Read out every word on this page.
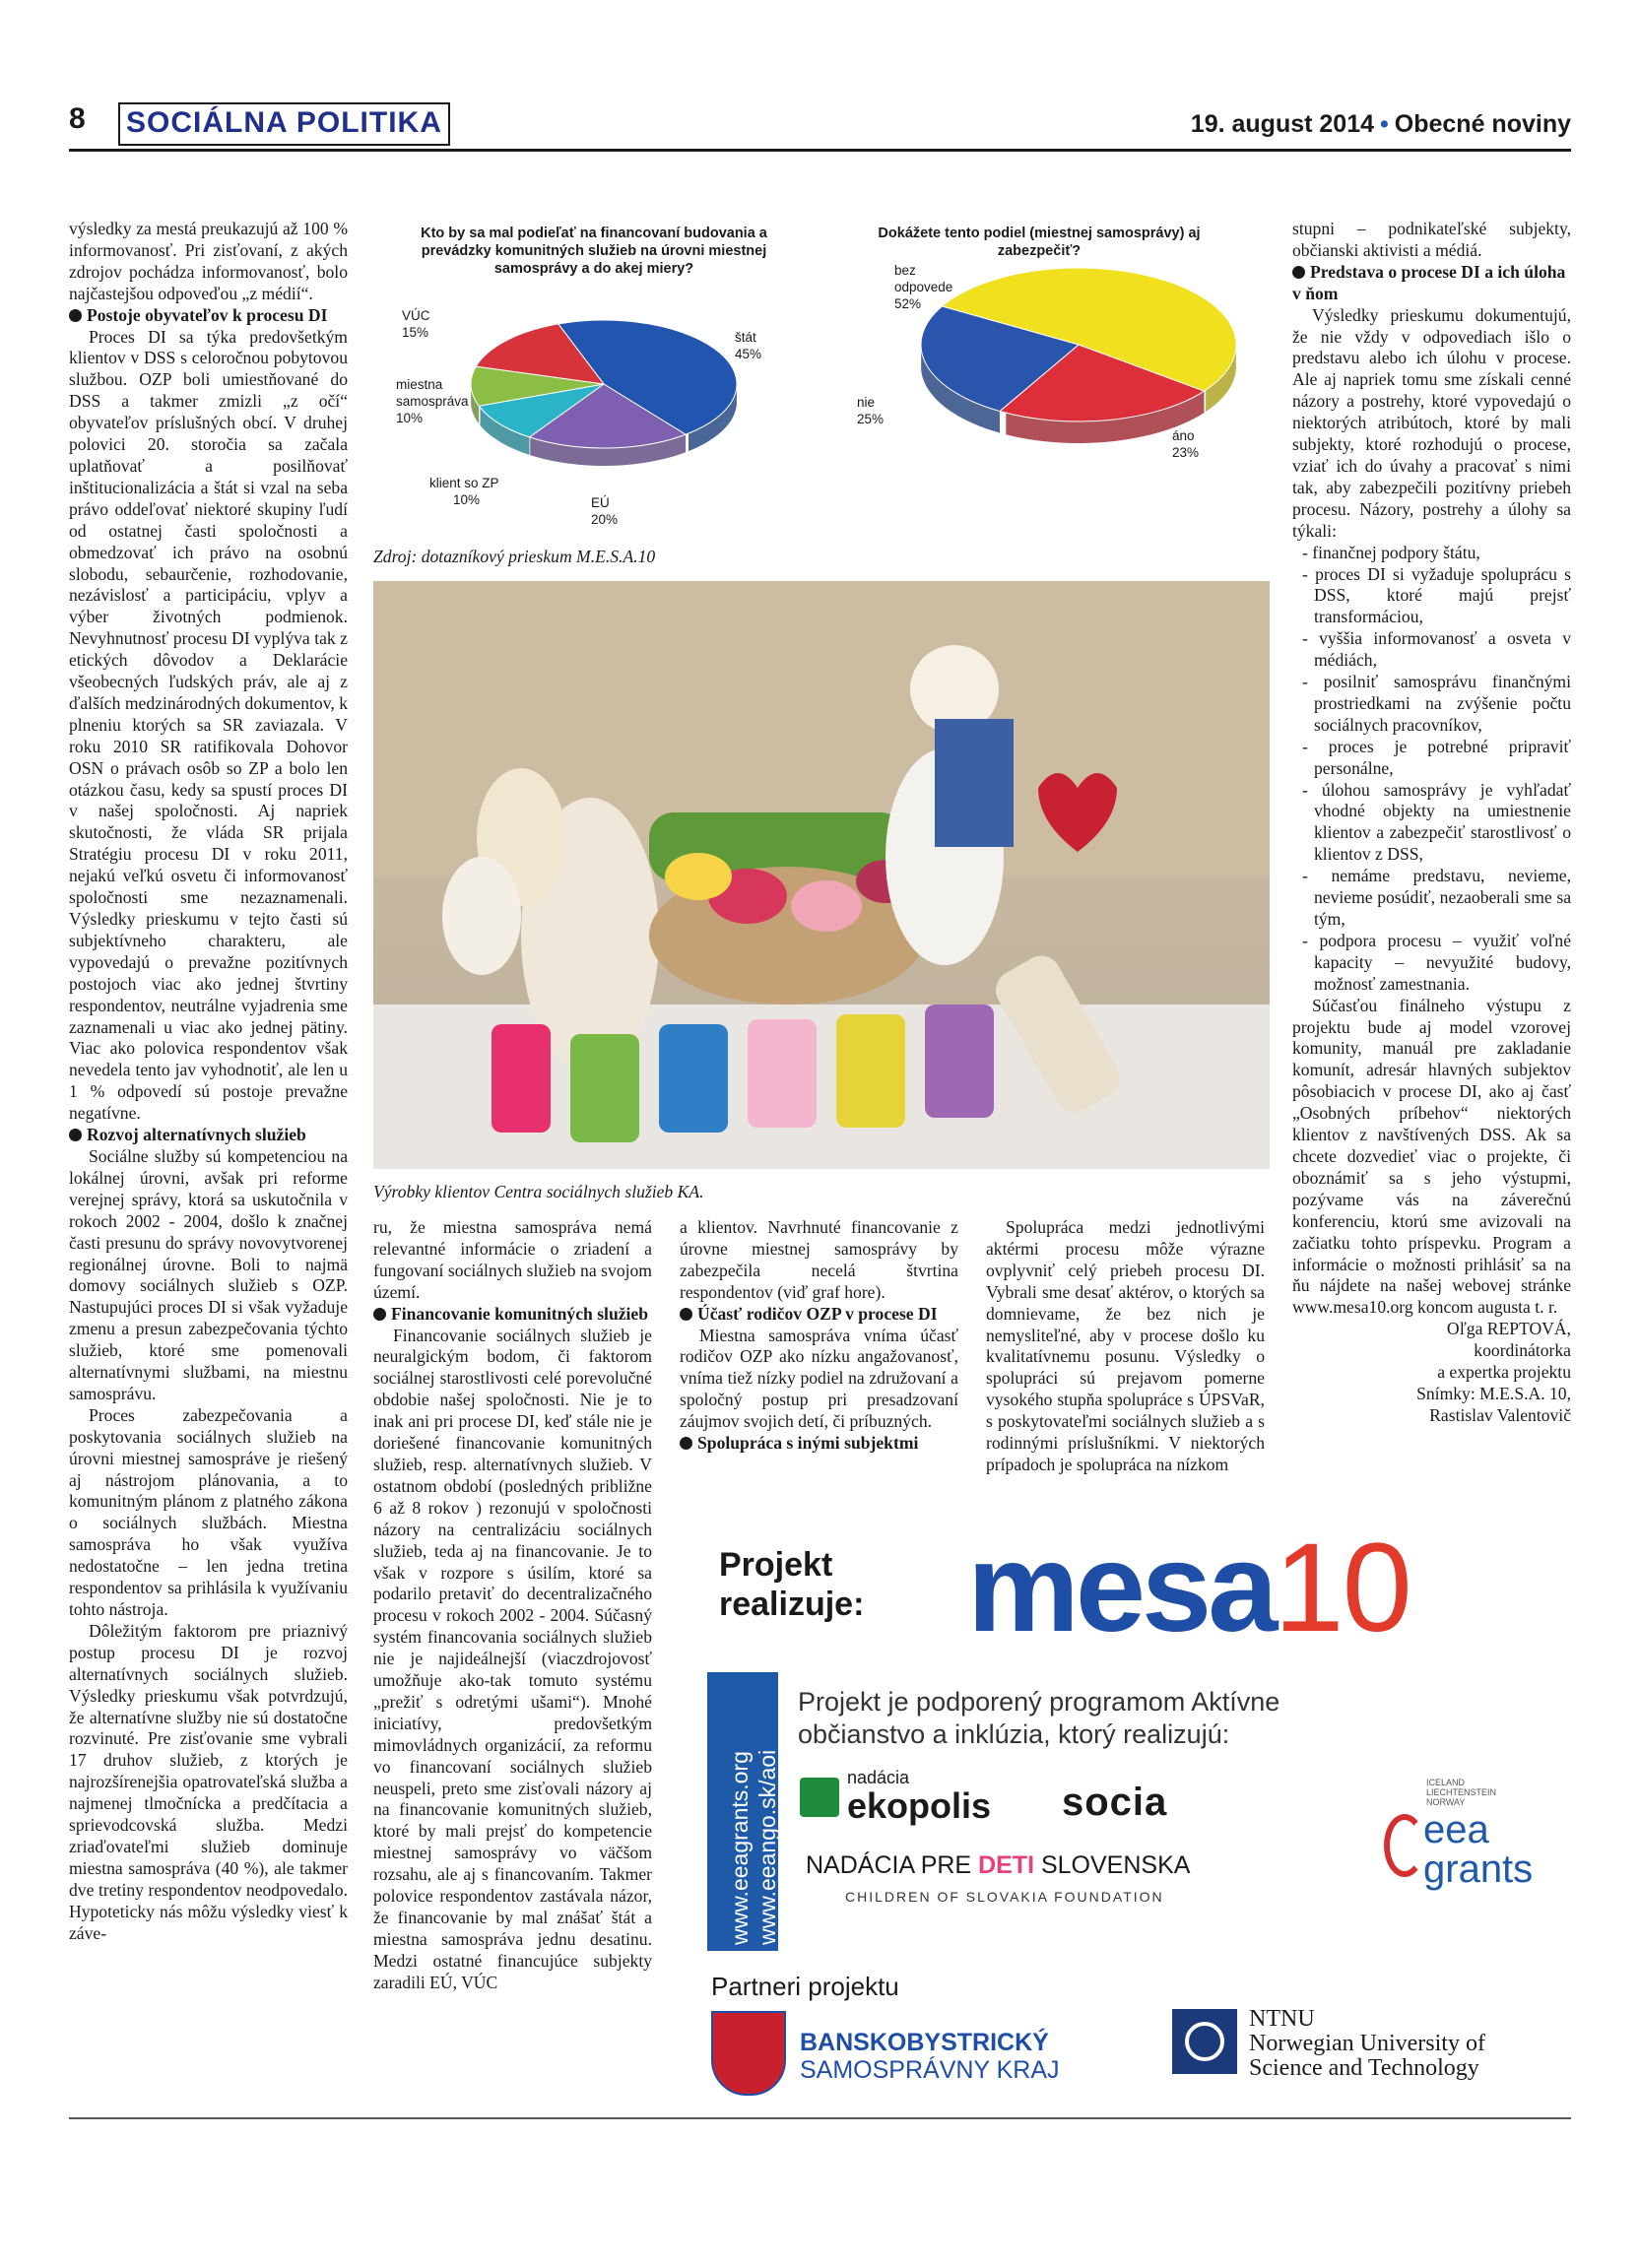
8 SOCIÁLNA POLITIKA	19. august 2014 • Obecné noviny

výsledky za mestá preukazujú až 100 % informovanosť. Pri zisťovaní, z akých zdrojov pochádza informovanosť, bolo najčastejšou odpoveďou „z médií“.

Postoje obyvateľov k procesu DI

Proces DI sa týka predovšetkým klientov v DSS s celoročnou pobytovou službou. OZP boli umiestňované do DSS a takmer zmizli „z očí“ obyvateľov príslušných obcí. V druhej polovici 20. storočia sa začala uplatňovať a posilňovať inštitucionalizácia a štát si vzal na seba právo oddeľovať niektoré skupiny ľudí od ostatnej časti spoločnosti a obmedzovať ich právo na osobnú slobodu, sebaurčenie, rozhodovanie, nezávislosť a participáciu, vplyv a výber životných podmienok. Nevyhnutnosť procesu DI vyplýva tak z etických dôvodov a Deklarácie všeobecných ľudských práv, ale aj z ďalších medzinárodných dokumentov, k plneniu ktorých sa SR zaviazala. V roku 2010 SR ratifikovala Dohovor OSN o právach osôb so ZP a bolo len otázkou času, kedy sa spustí proces DI v našej spoločnosti. Aj napriek skutočnosti, že vláda SR prijala Stratégiu procesu DI v roku 2011, nejakú veľkú osvetu či informovanosť spoločnosti sme nezaznamenali. Výsledky prieskumu v tejto časti sú subjektívneho charakteru, ale vypovedajú o prevažne pozitívnych postojoch viac ako jednej štvrtiny respondentov, neutrálne vyjadrenia sme zaznamenali u viac ako jednej pätiny. Viac ako polovica respondentov však nevedela tento jav vyhodnotiť, ale len u 1 % odpovedí sú postoje prevažne negatívne.

Rozvoj alternatívnych služieb

Sociálne služby sú kompetenciou na lokálnej úrovni, avšak pri reforme verejnej správy, ktorá sa uskutočnila v rokoch 2002 - 2004, došlo k značnej časti presunu do správy novovytvorenej regionálnej úrovne. Boli to najmä domovy sociálnych služieb s OZP. Nastupujúci proces DI si však vyžaduje zmenu a presun zabezpečovania týchto služieb, ktoré sme pomenovali alternatívnymi službami, na miestnu samosprávu.

Proces zabezpečovania a poskytovania sociálnych služieb na úrovni miestnej samospráve je riešený aj nástrojom plánovania, a to komunitným plánom z platného zákona o sociálnych službách. Miestna samospráva ho však využíva nedostatočne – len jedna tretina respondentov sa prihlásila k využívaniu tohto nástroja.

Dôležitým faktorom pre priaznivý postup procesu DI je rozvoj alternatívnych sociálnych služieb. Výsledky prieskumu však potvrdzujú, že alternatívne služby nie sú dostatočne rozvinuté. Pre zisťovanie sme vybrali 17 druhov služieb, z ktorých je najrozšírenejšia opatrovateľská služba a najmenej tlmočnícka a predčítacia a sprievodcovská služba. Medzi zriaďovateľmi služieb dominuje miestna samospráva (40 %), ale takmer dve tretiny respondentov neodpovedalo. Hypoteticky nás môžu výsledky viesť k záve-

Kto by sa mal podieľať na financovaní budovania a prevádzky komunitných služieb na úrovni miestnej samosprávy a do akej miery?
VÚC
15%	štát
45%
miestna samospráva
10%
klient so ZP
10%	EÚ
20%
Dokážete tento podiel (miestnej samosprávy) aj zabezpečiť?
bez odpovede
52%
nie
25%
áno
23%
Zdroj: dotazníkový prieskum M.E.S.A.10
Výrobky klientov Centra sociálnych služieb KA.

ru, že miestna samospráva nemá relevantné informácie o zriadení a fungovaní sociálnych služieb na svojom území.

Financovanie komunitných služieb

Financovanie sociálnych služieb je neuralgickým bodom, či faktorom sociálnej starostlivosti celé porevolučné obdobie našej spoločnosti. Nie je to inak ani pri procese DI, keď stále nie je doriešené financovanie komunitných služieb, resp. alternatívnych služieb. V ostatnom období (posledných približne 6 až 8 rokov ) rezonujú v spoločnosti názory na centralizáciu sociálnych služieb, teda aj na financovanie. Je to však v rozpore s úsilím, ktoré sa podarilo pretaviť do decentralizačného procesu v rokoch 2002 - 2004. Súčasný systém financovania sociálnych služieb nie je najideálnejší (viaczdrojovosť umožňuje ako-tak tomuto systému „prežiť s odretými ušami“). Mnohé iniciatívy, predovšetkým mimovládnych organizácií, za reformu vo financovaní sociálnych služieb neuspeli, preto sme zisťovali názory aj na financovanie komunitných služieb, ktoré by mali prejsť do kompetencie miestnej samosprávy vo väčšom rozsahu, ale aj s financovaním. Takmer polovice respondentov zastávala názor, že financovanie by mal znášať štát a miestna samospráva jednu desatinu. Medzi ostatné financujúce subjekty zaradili EÚ, VÚC

a klientov. Navrhnuté financovanie z úrovne miestnej samosprávy by zabezpečila necelá štvrtina respondentov (viď graf hore).

Účasť rodičov OZP v procese DI

Miestna samospráva vníma účasť rodičov OZP ako nízku angažovanosť, vníma tiež nízky podiel na združovaní a spoločný postup pri presadzovaní záujmov svojich detí, či príbuzných.

Spolupráca s inými subjektmi

Spolupráca medzi jednotlivými aktérmi procesu môže výrazne ovplyvniť celý priebeh procesu DI. Vybrali sme desať aktérov, o ktorých sa domnievame, že bez nich je nemysliteľné, aby v procese došlo ku kvalitatívnemu posunu. Výsledky o spolupráci sú prejavom pomerne vysokého stupňa spolupráce s ÚPSVaR, s poskytovateľmi sociálnych služieb a s rodinnými príslušníkmi. V niektorých prípadoch je spolupráca na nízkom

stupni – podnikateľské subjekty, občianski aktivisti a médiá.

Predstava o procese DI a ich úloha v ňom

Výsledky prieskumu dokumentujú, že nie vždy v odpovediach išlo o predstavu alebo ich úlohu v procese. Ale aj napriek tomu sme získali cenné názory a postrehy, ktoré vypovedajú o niektorých atribútoch, ktoré by mali subjekty, ktoré rozhodujú o procese, vziať ich do úvahy a pracovať s nimi tak, aby zabezpečili pozitívny priebeh procesu. Názory, postrehy a úlohy sa týkali:

- finančnej podpory štátu,
- proces DI si vyžaduje spoluprácu s DSS, ktoré majú prejsť transformáciou,
- vyššia informovanosť a osveta v médiách,
- posilniť samosprávu finančnými prostriedkami na zvýšenie počtu sociálnych pracovníkov,
- proces je potrebné pripraviť personálne,
- úlohou samosprávy je vyhľadať vhodné objekty na umiestnenie klientov a zabezpečiť starostlivosť o klientov z DSS,
- nemáme predstavu, nevieme, nevieme posúdiť, nezaoberali sme sa tým,
- podpora procesu – využiť voľné kapacity – nevyužité budovy, možnosť zamestnania.

Súčasťou finálneho výstupu z projektu bude aj model vzorovej komunity, manuál pre zakladanie komunít, adresár hlavných subjektov pôsobiacich v procese DI, ako aj časť „Osobných príbehov“ niektorých klientov z navštívených DSS. Ak sa chcete dozvedieť viac o projekte, či oboznámiť sa s jeho výstupmi, pozývame vás na záverečnú konferenciu, ktorú sme avizovali na začiatku tohto príspevku. Program a informácie o možnosti prihlásiť sa na ňu nájdete na našej webovej stránke www.mesa10.org koncom augusta t. r.

Oľga REPTOVÁ,
koordinátorka
a expertka projektu
Snímky: M.E.S.A. 10,
Rastislav Valentovič
Projekt
realizuje: mesa10
www.eeagrants.org www.eeango.sk/aoi
Projekt je podporený programom Aktívne
občianstvo a inklúzia, ktorý realizujú:
nadácia
ekopolis socia
NADÁCIA PRE DETI SLOVENSKA
CHILDREN OF SLOVAKIA FOUNDATION
ICELAND
LIECHTENSTEIN
NORWAY
eea
grants
Partneri projektu
BANSKOBYSTRICKÝ
SAMOSPRÁVNY KRAJ
NTNU
Norwegian University of
Science and Technology
